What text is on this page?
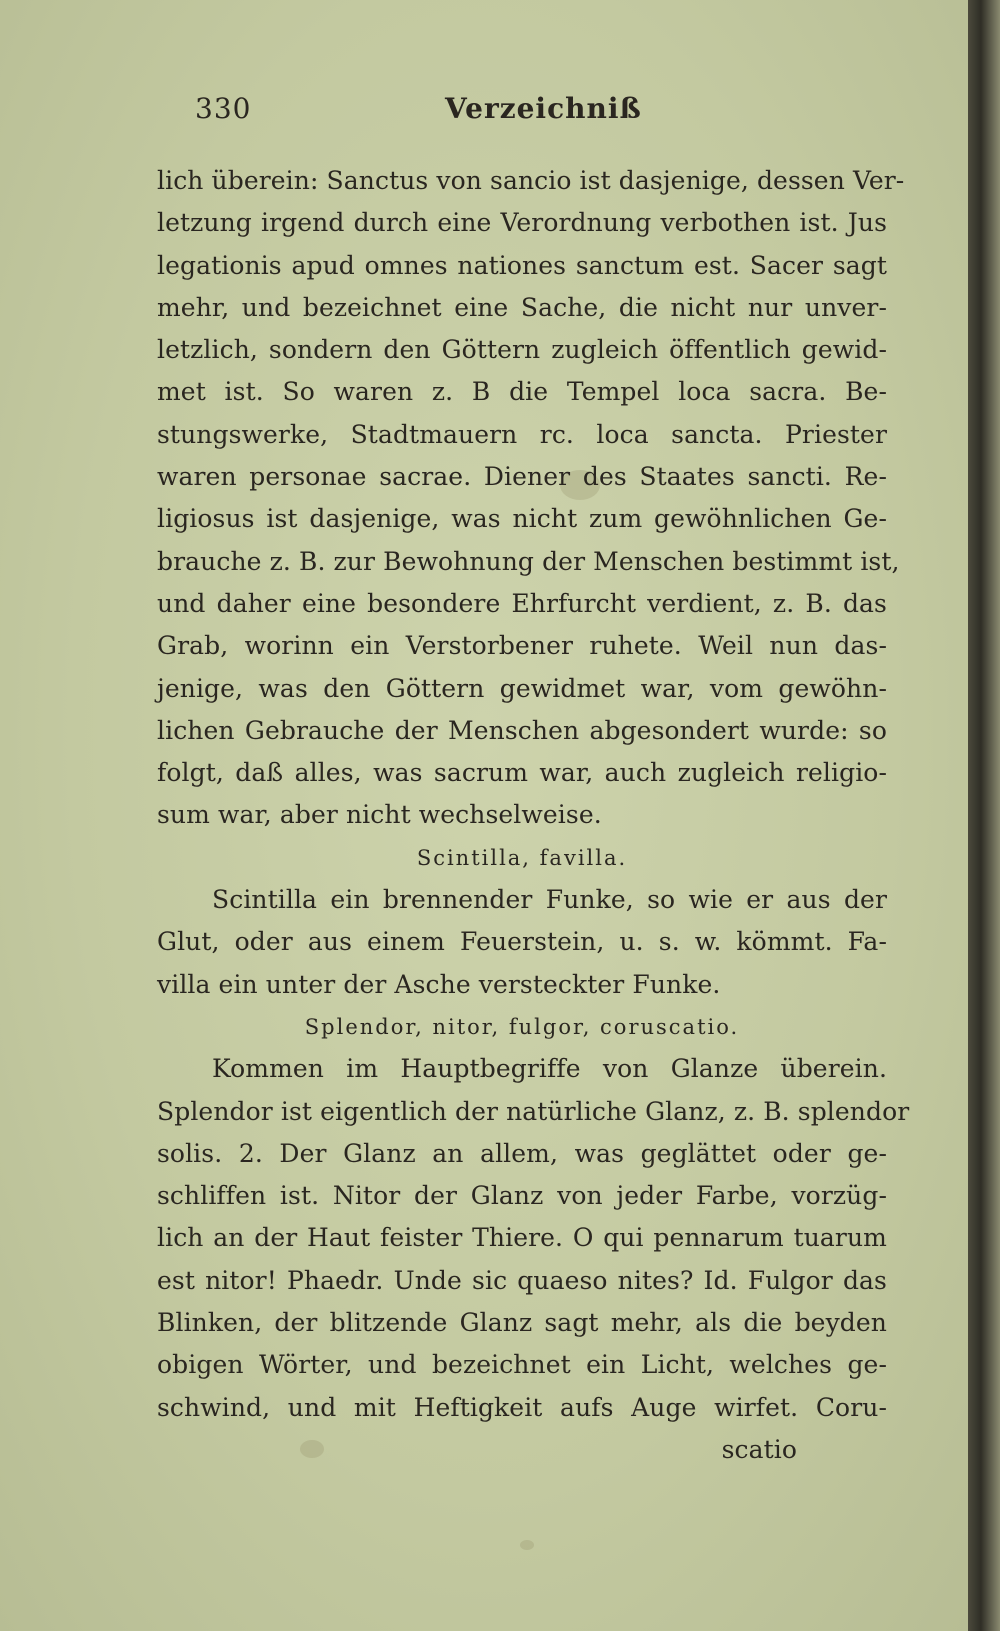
330	Verzeichniß
lich überein: Sanctus von sancio ist dasjenige, dessen Ver-
letzung irgend durch eine Verordnung verbothen ist. Jus
legationis apud omnes nationes sanctum est. Sacer sagt
mehr, und bezeichnet eine Sache, die nicht nur unver-
letzlich, sondern den Göttern zugleich öffentlich gewid-
met ist. So waren z. B die Tempel loca sacra. Be-
stungswerke, Stadtmauern rc. loca sancta. Priester
waren personae sacrae. Diener des Staates sancti. Re-
ligiosus ist dasjenige, was nicht zum gewöhnlichen Ge-
brauche z. B. zur Bewohnung der Menschen bestimmt ist,
und daher eine besondere Ehrfurcht verdient, z. B. das
Grab, worinn ein Verstorbener ruhete. Weil nun das-
jenige, was den Göttern gewidmet war, vom gewöhn-
lichen Gebrauche der Menschen abgesondert wurde: so
folgt, daß alles, was sacrum war, auch zugleich religio-
sum war, aber nicht wechselweise.
Scintilla, favilla.
Scintilla ein brennender Funke, so wie er aus der
Glut, oder aus einem Feuerstein, u. s. w. kömmt. Fa-
villa ein unter der Asche versteckter Funke.
Splendor, nitor, fulgor, coruscatio.
Kommen im Hauptbegriffe von Glanze überein.
Splendor ist eigentlich der natürliche Glanz, z. B. splendor
solis. 2. Der Glanz an allem, was geglättet oder ge-
schliffen ist. Nitor der Glanz von jeder Farbe, vorzüg-
lich an der Haut feister Thiere. O qui pennarum tuarum
est nitor! Phaedr. Unde sic quaeso nites? Id. Fulgor das
Blinken, der blitzende Glanz sagt mehr, als die beyden
obigen Wörter, und bezeichnet ein Licht, welches ge-
schwind, und mit Heftigkeit aufs Auge wirfet. Coru-
scatio
